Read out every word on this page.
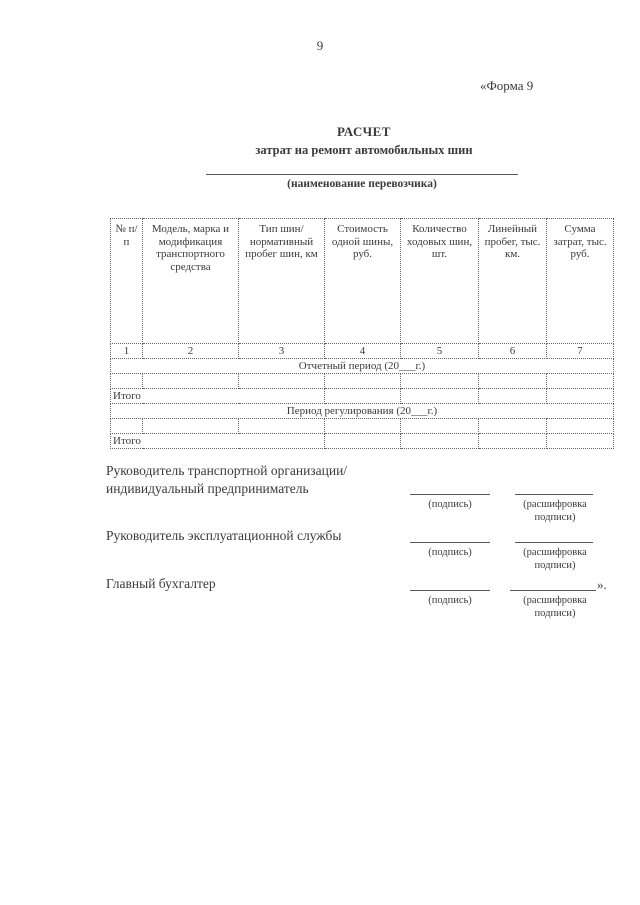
9
«Форма 9
РАСЧЕТ
затрат на ремонт автомобильных шин
(наименование перевозчика)
№ п/п	Модель, марка и модификация транспортного средства	Тип шин/ нормативный пробег шин, км	Стоимость одной шины, руб.	Количество ходовых шин, шт.	Линейный пробег, тыс. км.	Сумма затрат, тыс. руб.
1	2	3	4	5	6	7
Отчетный период (20___г.)						

Итого						
Период регулирования (20___г.)						

Итого						
Руководитель транспортной организации/
индивидуальный предприниматель
(подпись)	(расшифровка
подписи)
Руководитель эксплуатационной службы
(подпись)	(расшифровка
подписи)
Главный бухгалтер	».
(подпись)	(расшифровка
подписи)
